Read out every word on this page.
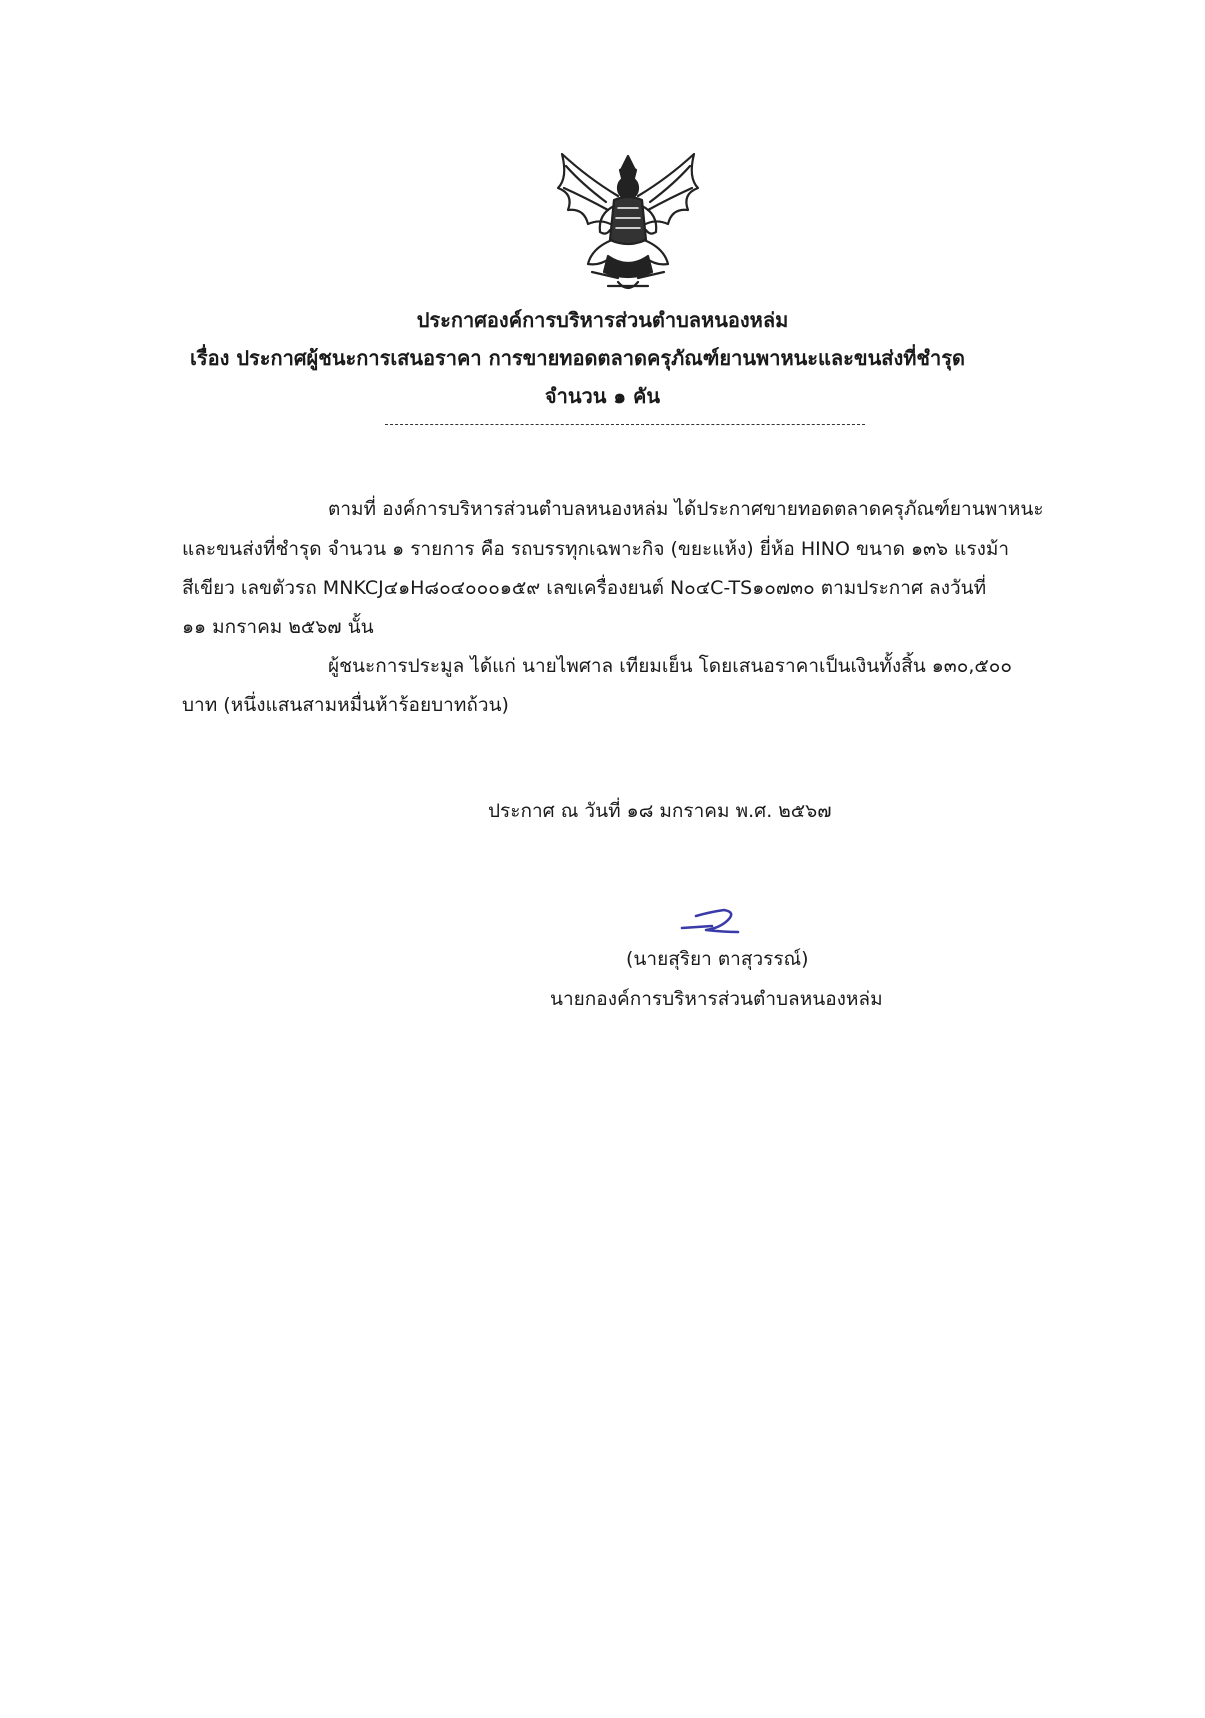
ประกาศองค์การบริหารส่วนตำบลหนองหล่ม
เรื่อง ประกาศผู้ชนะการเสนอราคา การขายทอดตลาดครุภัณฑ์ยานพาหนะและขนส่งที่ชำรุด
จำนวน ๑ คัน
ตามที่ องค์การบริหารส่วนตำบลหนองหล่ม ได้ประกาศขายทอดตลาดครุภัณฑ์ยานพาหนะ
และขนส่งที่ชำรุด จำนวน ๑ รายการ คือ รถบรรทุกเฉพาะกิจ (ขยะแห้ง) ยี่ห้อ HINO ขนาด ๑๓๖ แรงม้า
สีเขียว เลขตัวรถ MNKCJ๔๑H๘๐๔๐๐๐๑๕๙ เลขเครื่องยนต์ N๐๔C-TS๑๐๗๓๐ ตามประกาศ ลงวันที่
๑๑ มกราคม ๒๕๖๗ นั้น
ผู้ชนะการประมูล ได้แก่ นายไพศาล เทียมเย็น โดยเสนอราคาเป็นเงินทั้งสิ้น ๑๓๐,๕๐๐
บาท (หนึ่งแสนสามหมื่นห้าร้อยบาทถ้วน)
ประกาศ ณ วันที่ ๑๘ มกราคม พ.ศ. ๒๕๖๗
(นายสุริยา ตาสุวรรณ์)
นายกองค์การบริหารส่วนตำบลหนองหล่ม
